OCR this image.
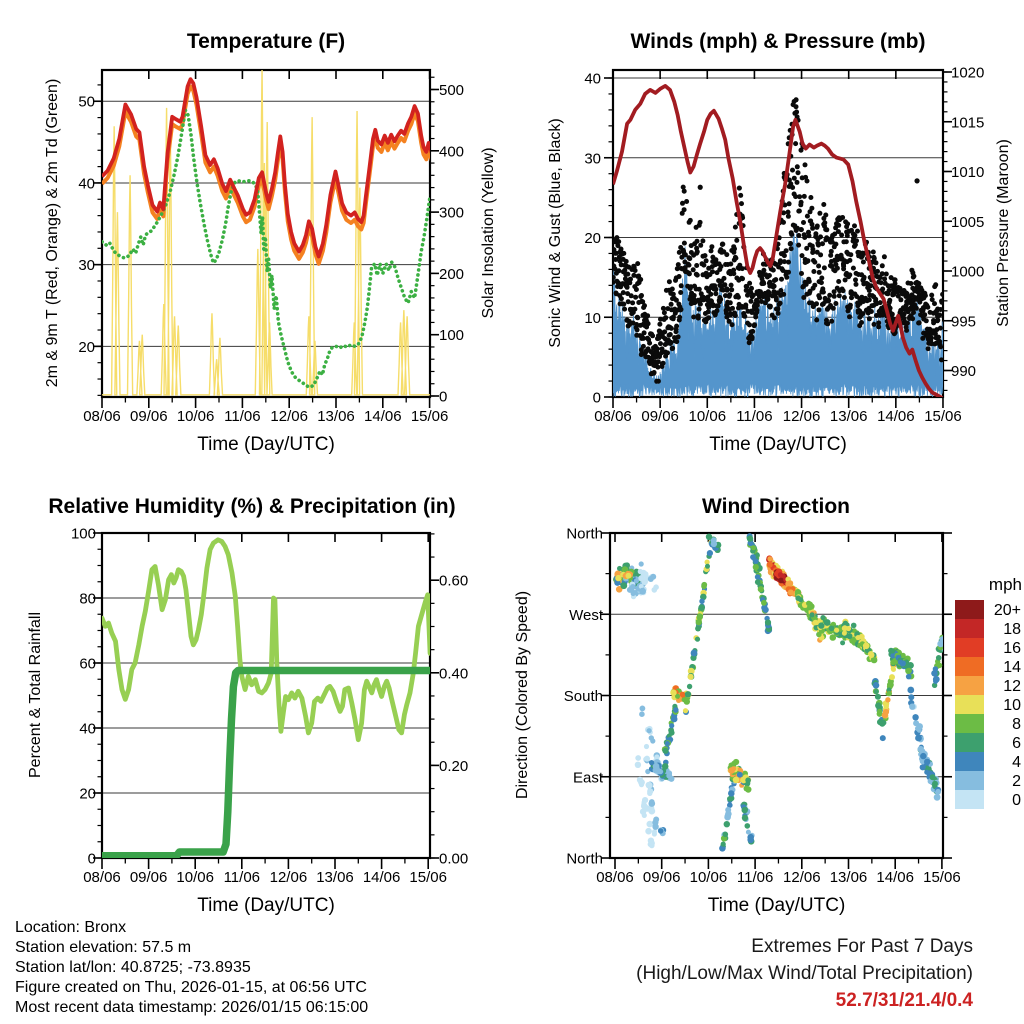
08/06 09/06 10/06 11/06 12/06 13/06 14/06 15/06
Time (Day/UTC)
Temperature (F)
2m & 9m T (Red, Orange) & 2m Td (Green)	Solar Insolation (Yellow)
20
30
40
50
0
100
200
300
400
500
08/06 09/06 10/06 11/06 12/06 13/06 14/06 15/06
Time (Day/UTC)
Winds (mph) & Pressure (mb)
Sonic Wind & Gust (Blue, Black)	Station Pressure (Maroon)
0
10
20
30
40
990
995
1000
1005
1010
1015
1020
08/06 09/06 10/06 11/06 12/06 13/06 14/06 15/06
Time (Day/UTC)
Relative Humidity (%) & Precipitation (in)
Percent & Total Rainfall
0
20
40
60
80
100
0.00
0.20
0.40
0.60
08/06 09/06 10/06 11/06 12/06 13/06 14/06 15/06
Time (Day/UTC)
Wind Direction
Direction (Colored By Speed)
North
West
South
East
North
mph
20+
18
16
14
12
10
8
6
4
2
0
Location: Bronx
Station elevation: 57.5 m
Station lat/lon: 40.8725; -73.8935
Figure created on Thu, 2026-01-15, at 06:56 UTC
Most recent data timestamp: 2026/01/15 06:15:00
Extremes For Past 7 Days
(High/Low/Max Wind/Total Precipitation)
52.7/31/21.4/0.4
